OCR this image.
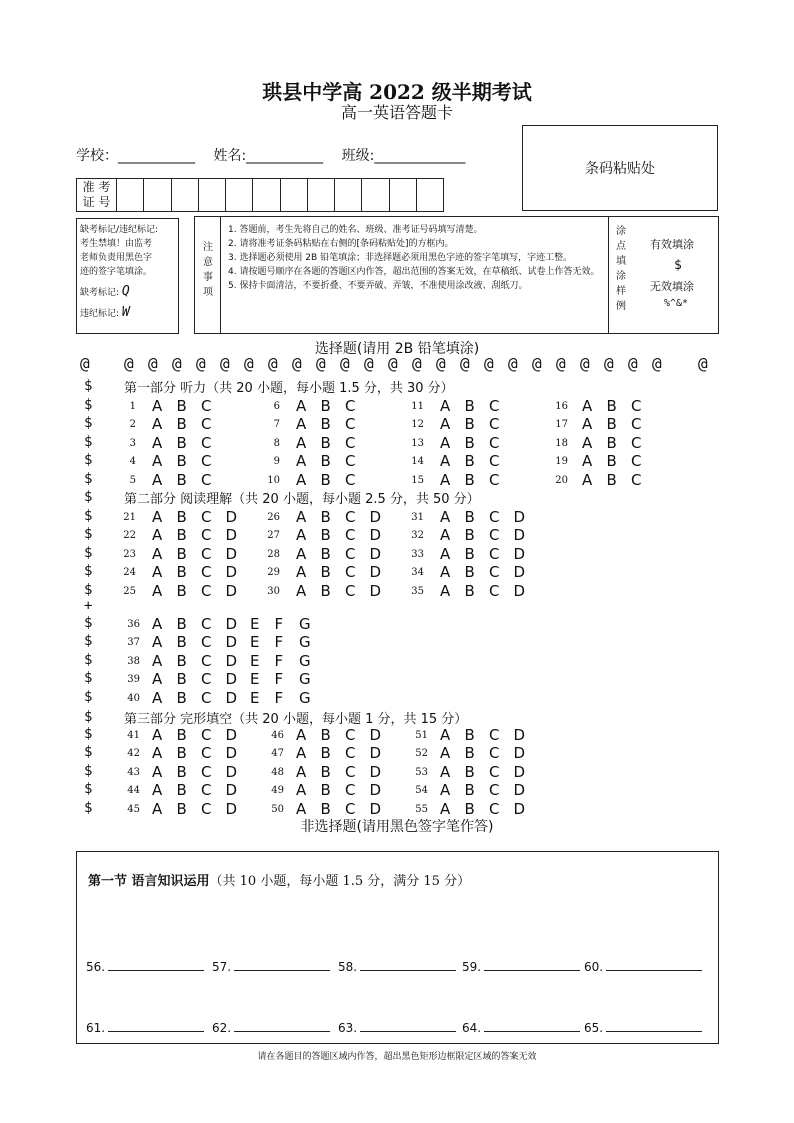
珙县中学高 2022 级半期考试
高一英语答题卡
学校：___________ 姓名:___________ 班级:_____________
条码粘贴处
准 考
证 号
缺考标记/违纪标记:
考生禁填！由监考
老师负责用黑色字
迹的签字笔填涂。
缺考标记: Q
违纪标记: W
注意事项
1. 答题前，考生先将自己的姓名、班级、准考证号码填写清楚。
2. 请将准考证条码粘贴在右侧的[条码粘贴处]的方框内。
3. 选择题必须使用 2B 铅笔填涂；非选择题必须用黑色字迹的签字笔填写，字迹工整。
4. 请按题号顺序在各题的答题区内作答，超出范围的答案无效，在草稿纸、试卷上作答无效。
5. 保持卡面清洁，不要折叠、不要弄破、弄皱，不准使用涂改液、刮纸刀。
涂点填涂样例
有效填涂
$
无效填涂
%^&*
选择题(请用 2B 铅笔填涂)
@ @ @ @ @ @ @ @ @ @ @ @ @ @ @ @ @ @ @ @ @ @ @ @ @
$ 第一部分 听力（共 20 小题，每小题 1.5 分，共 30 分）
$	1 A B C	6 A B C	11 A B C	16 A B C
$	2 A B C	7 A B C	12 A B C	17 A B C
$	3 A B C	8 A B C	13 A B C	18 A B C
$	4 A B C	9 A B C	14 A B C	19 A B C
$	5 A B C	10 A B C	15 A B C	20 A B C
$ 第二部分 阅读理解（共 20 小题，每小题 2.5 分，共 50 分）
$	21 A B C D	26 A B C D	31 A B C D
$	22 A B C D	27 A B C D	32 A B C D
$	23 A B C D	28 A B C D	33 A B C D
$	24 A B C D	29 A B C D	34 A B C D
$	25 A B C D	30 A B C D	35 A B C D
+
$	36 A B C D E F G
$	37 A B C D E F G
$	38 A B C D E F G
$	39 A B C D E F G
$	40 A B C D E F G
$ 第三部分 完形填空（共 20 小题，每小题 1 分，共 15 分）
$	41 A B C D	46 A B C D	51 A B C D
$	42 A B C D	47 A B C D	52 A B C D
$	43 A B C D	48 A B C D	53 A B C D
$	44 A B C D	49 A B C D	54 A B C D
$	45 A B C D	50 A B C D	55 A B C D
非选择题(请用黑色签字笔作答)
第一节 语言知识运用（共 10 小题，每小题 1.5 分，满分 15 分）
56.	57.	58.	59.	60.
61.	62.	63.	64.	65.
请在各题目的答题区域内作答，超出黑色矩形边框限定区域的答案无效
